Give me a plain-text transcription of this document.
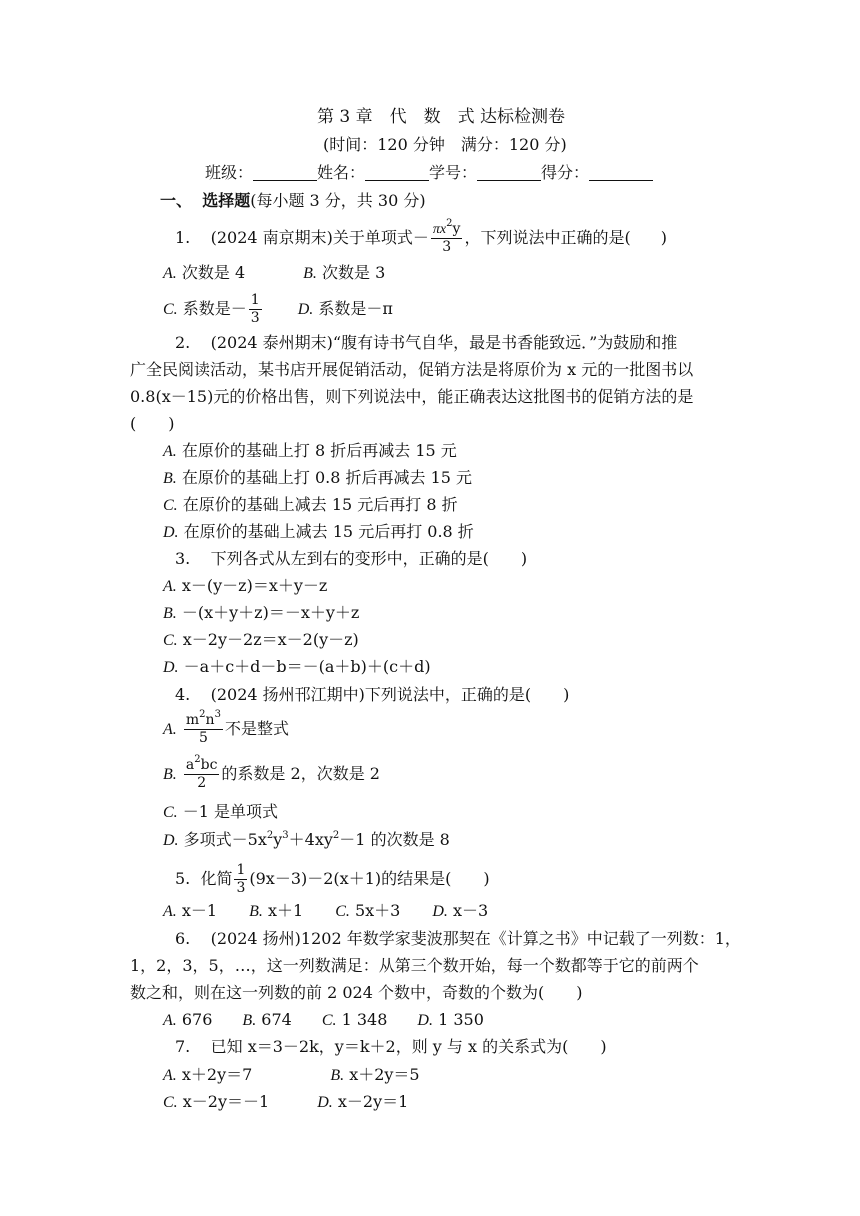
第 3 章　代　数　式 达标检测卷
(时间：120 分钟　满分：120 分)
班级：	姓名：	学号：	得分：
一、 选择题(每小题 3 分，共 30 分)
1. (2024 南京期末)关于单项式－ $\frac{\pi x^2y}{3}$ ，下列说法中正确的是( )
A. 次数是 4	B. 次数是 3
C. 系数是－ $\frac{1}{3} D$. 系数是－π
2. (2024 泰州期末)“腹有诗书气自华，最是书香能致远．”为鼓励和推
广全民阅读活动，某书店开展促销活动，促销方法是将原价为 x 元的一批图书以
0.8(x－15)元的价格出售，则下列说法中，能正确表达这批图书的促销方法的是
(　　)
A. 在原价的基础上打 8 折后再减去 15 元
B. 在原价的基础上打 0.8 折后再减去 15 元
C. 在原价的基础上减去 15 元后再打 8 折
D. 在原价的基础上减去 15 元后再打 0.8 折
3. 下列各式从左到右的变形中，正确的是(　　)
A. x－(y－z)＝x＋y－z
B. －(x＋y＋z)＝－x＋y＋z
C. x－2y－2z＝x－2(y－z)
D. －a＋c＋d－b＝－(a＋b)＋(c＋d)
4. (2024 扬州邗江期中)下列说法中，正确的是(　　)
A. $\frac{m^2n^3}{5}$ 不是整式
B. $\frac{a^2bc}{2}$ 的系数是 2，次数是 2
C. －1 是单项式
D. 多项式$-5x^2y^3+4xy^2-1$ 的次数是 8
5. 化简 $\frac{1}{3} (9x-3)-2(x+1)$的结果是(　　)
A. x－1 B. x＋1 C. 5x＋3 D. x－3
6. (2024 扬州)1202 年数学家斐波那契在《计算之书》中记载了一列数：1，
1，2，3，5，…，这一列数满足：从第三个数开始，每一个数都等于它的前两个
数之和，则在这一列数的前 2 024 个数中，奇数的个数为(　　)
A. 676 B. 674 C. 1 348 D. 1 350
7. 已知 x＝3－2k，y＝k＋2，则 y 与 x 的关系式为(　　)
A. x＋2y＝7	B. x＋2y＝5
C. x－2y＝－1	D. x－2y＝1
